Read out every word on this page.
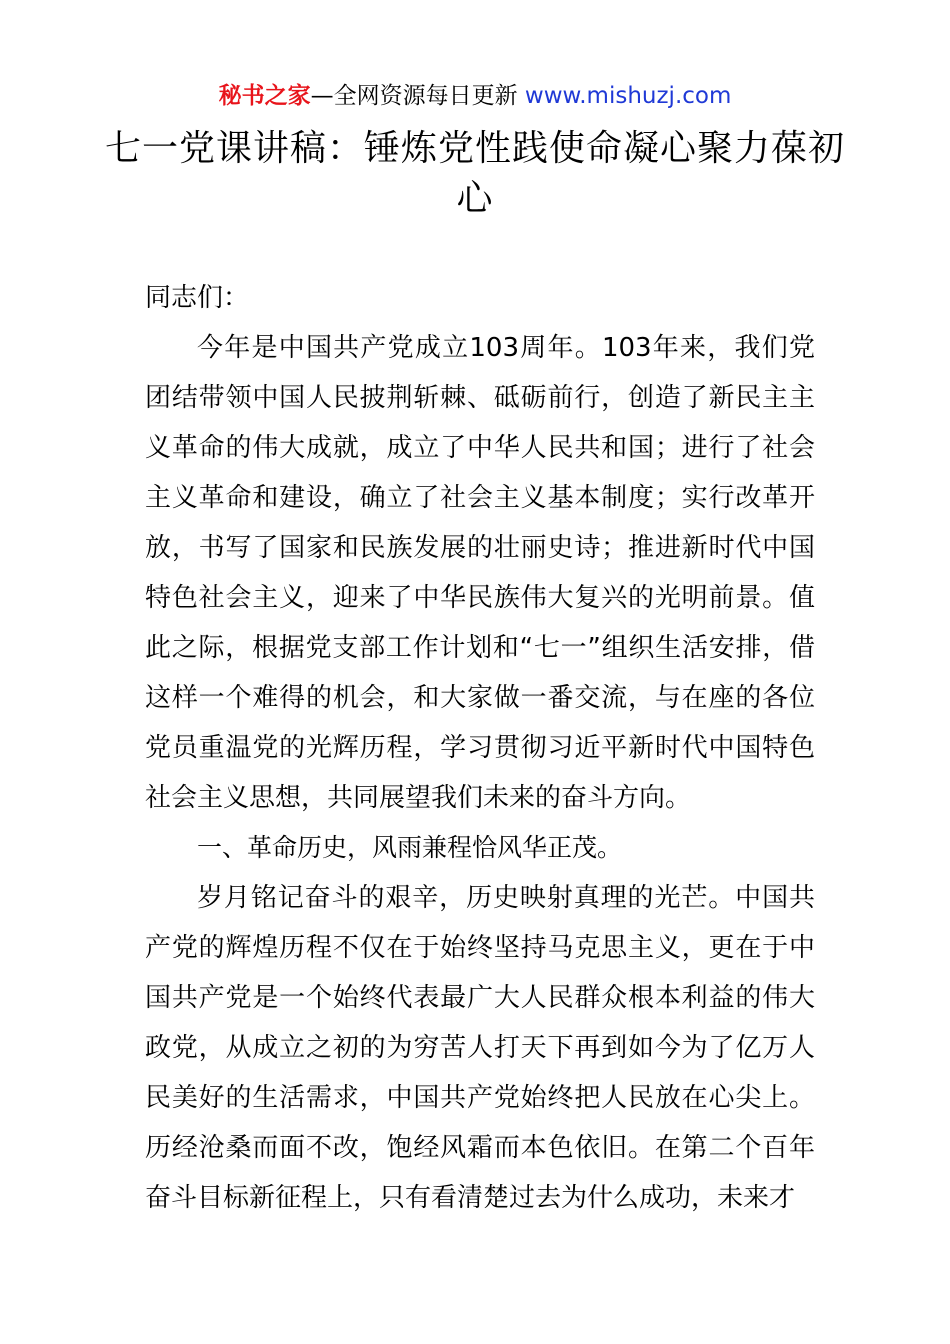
秘书之家—全网资源每日更新 www.mishuzj.com
七一党课讲稿：锤炼党性践使命凝心聚力葆初心

同志们：

今年是中国共产党成立103周年。103年来，我们党团结带领中国人民披荆斩棘、砥砺前行，创造了新民主主义革命的伟大成就，成立了中华人民共和国；进行了社会主义革命和建设，确立了社会主义基本制度；实行改革开放，书写了国家和民族发展的壮丽史诗；推进新时代中国特色社会主义，迎来了中华民族伟大复兴的光明前景。值此之际，根据党支部工作计划和“七一”组织生活安排，借这样一个难得的机会，和大家做一番交流，与在座的各位党员重温党的光辉历程，学习贯彻习近平新时代中国特色社会主义思想，共同展望我们未来的奋斗方向。

一、革命历史，风雨兼程恰风华正茂。

岁月铭记奋斗的艰辛，历史映射真理的光芒。中国共产党的辉煌历程不仅在于始终坚持马克思主义，更在于中国共产党是一个始终代表最广大人民群众根本利益的伟大政党，从成立之初的为穷苦人打天下再到如今为了亿万人民美好的生活需求，中国共产党始终把人民放在心尖上。历经沧桑而面不改，饱经风霜而本色依旧。在第二个百年奋斗目标新征程上，只有看清楚过去为什么成功，未来才
